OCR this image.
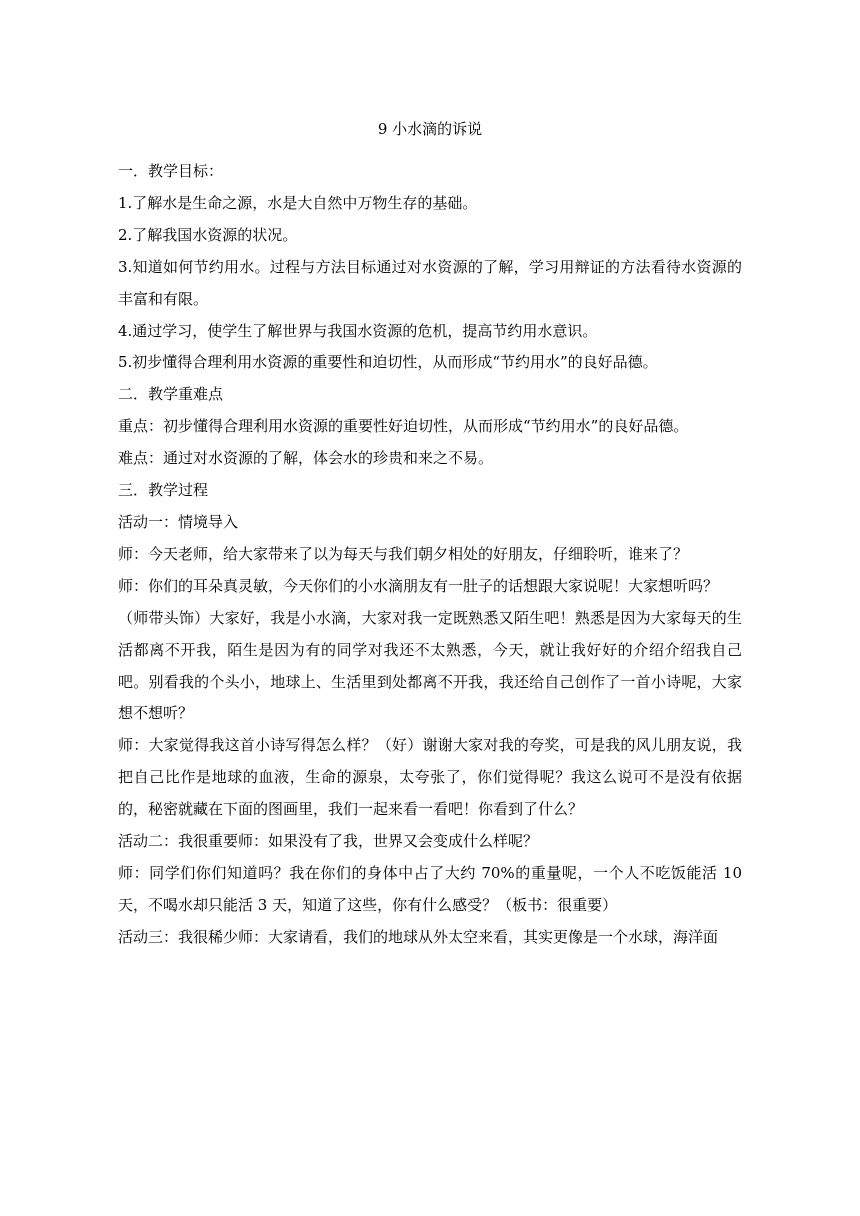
9 小水滴的诉说

一．教学目标：

1.了解水是生命之源，水是大自然中万物生存的基础。

2.了解我国水资源的状况。

3.知道如何节约用水。过程与方法目标通过对水资源的了解，学习用辩证的方法看待水资源的丰富和有限。

4.通过学习，使学生了解世界与我国水资源的危机，提高节约用水意识。

5.初步懂得合理利用水资源的重要性和迫切性，从而形成“节约用水”的良好品德。

二．教学重难点

重点：初步懂得合理利用水资源的重要性好迫切性，从而形成“节约用水”的良好品德。

难点：通过对水资源的了解，体会水的珍贵和来之不易。

三．教学过程

活动一：情境导入

师：今天老师，给大家带来了以为每天与我们朝夕相处的好朋友，仔细聆听，谁来了？

师：你们的耳朵真灵敏，今天你们的小水滴朋友有一肚子的话想跟大家说呢！大家想听吗？

（师带头饰）大家好，我是小水滴，大家对我一定既熟悉又陌生吧！熟悉是因为大家每天的生活都离不开我，陌生是因为有的同学对我还不太熟悉，今天，就让我好好的介绍介绍我自己吧。别看我的个头小，地球上、生活里到处都离不开我，我还给自己创作了一首小诗呢，大家想不想听？

师：大家觉得我这首小诗写得怎么样？（好）谢谢大家对我的夸奖，可是我的风儿朋友说，我把自己比作是地球的血液，生命的源泉，太夸张了，你们觉得呢？我这么说可不是没有依据的，秘密就藏在下面的图画里，我们一起来看一看吧！你看到了什么？

活动二：我很重要师：如果没有了我，世界又会变成什么样呢？

师：同学们你们知道吗？我在你们的身体中占了大约 70%的重量呢，一个人不吃饭能活 10 天，不喝水却只能活 3 天，知道了这些，你有什么感受？（板书：很重要）

活动三：我很稀少师：大家请看，我们的地球从外太空来看，其实更像是一个水球，海洋面
